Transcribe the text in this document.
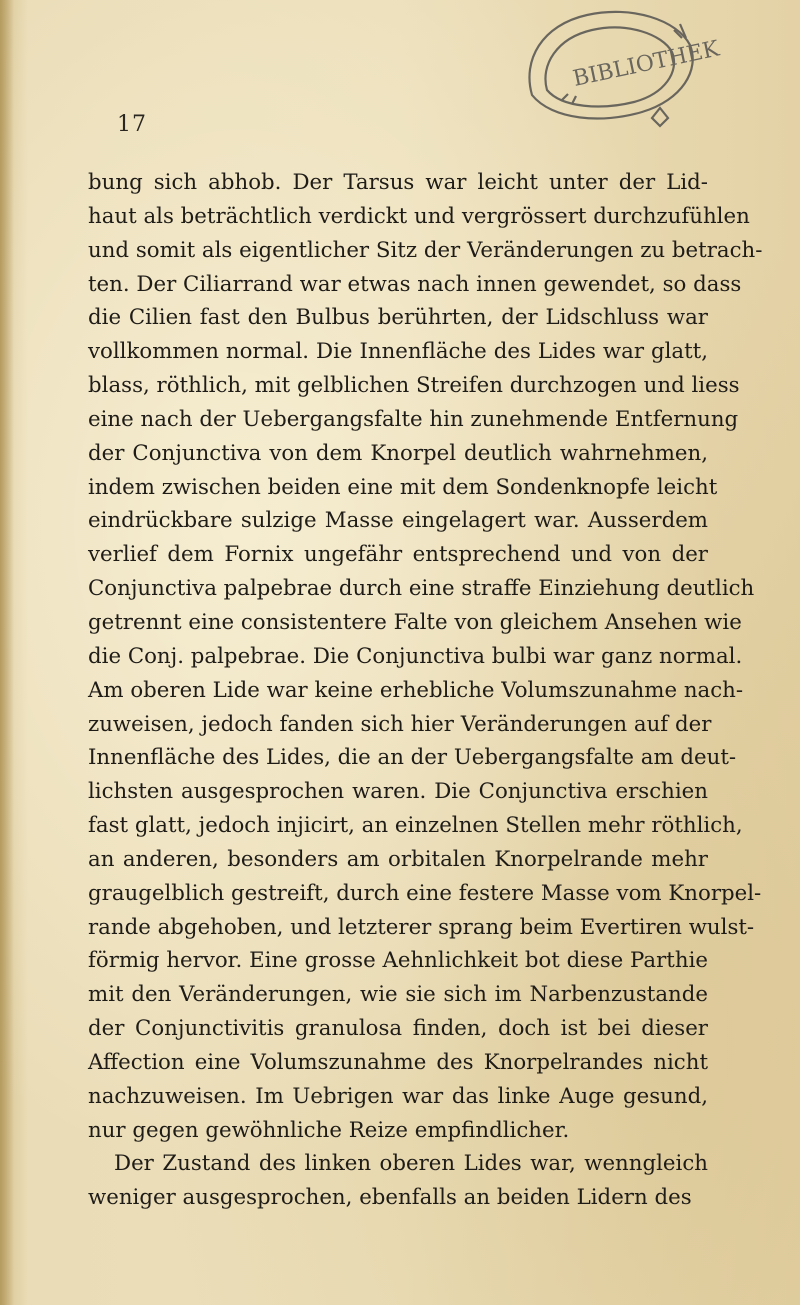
BIBLIOTHEK
17
bung sich abhob. Der Tarsus war leicht unter der Lid-
haut als beträchtlich verdickt und vergrössert durchzufühlen
und somit als eigentlicher Sitz der Veränderungen zu betrach-
ten. Der Ciliarrand war etwas nach innen gewendet, so dass
die Cilien fast den Bulbus berührten, der Lidschluss war
vollkommen normal. Die Innenfläche des Lides war glatt,
blass, röthlich, mit gelblichen Streifen durchzogen und liess
eine nach der Uebergangsfalte hin zunehmende Entfernung
der Conjunctiva von dem Knorpel deutlich wahrnehmen,
indem zwischen beiden eine mit dem Sondenknopfe leicht
eindrückbare sulzige Masse eingelagert war. Ausserdem
verlief dem Fornix ungefähr entsprechend und von der
Conjunctiva palpebrae durch eine straffe Einziehung deutlich
getrennt eine consistentere Falte von gleichem Ansehen wie
die Conj. palpebrae. Die Conjunctiva bulbi war ganz normal.
Am oberen Lide war keine erhebliche Volumszunahme nach-
zuweisen, jedoch fanden sich hier Veränderungen auf der
Innenfläche des Lides, die an der Uebergangsfalte am deut-
lichsten ausgesprochen waren. Die Conjunctiva erschien
fast glatt, jedoch injicirt, an einzelnen Stellen mehr röthlich,
an anderen, besonders am orbitalen Knorpelrande mehr
graugelblich gestreift, durch eine festere Masse vom Knorpel-
rande abgehoben, und letzterer sprang beim Evertiren wulst-
förmig hervor. Eine grosse Aehnlichkeit bot diese Parthie
mit den Veränderungen, wie sie sich im Narbenzustande
der Conjunctivitis granulosa finden, doch ist bei dieser
Affection eine Volumszunahme des Knorpelrandes nicht
nachzuweisen. Im Uebrigen war das linke Auge gesund,
nur gegen gewöhnliche Reize empfindlicher.
Der Zustand des linken oberen Lides war, wenngleich
weniger ausgesprochen, ebenfalls an beiden Lidern des
